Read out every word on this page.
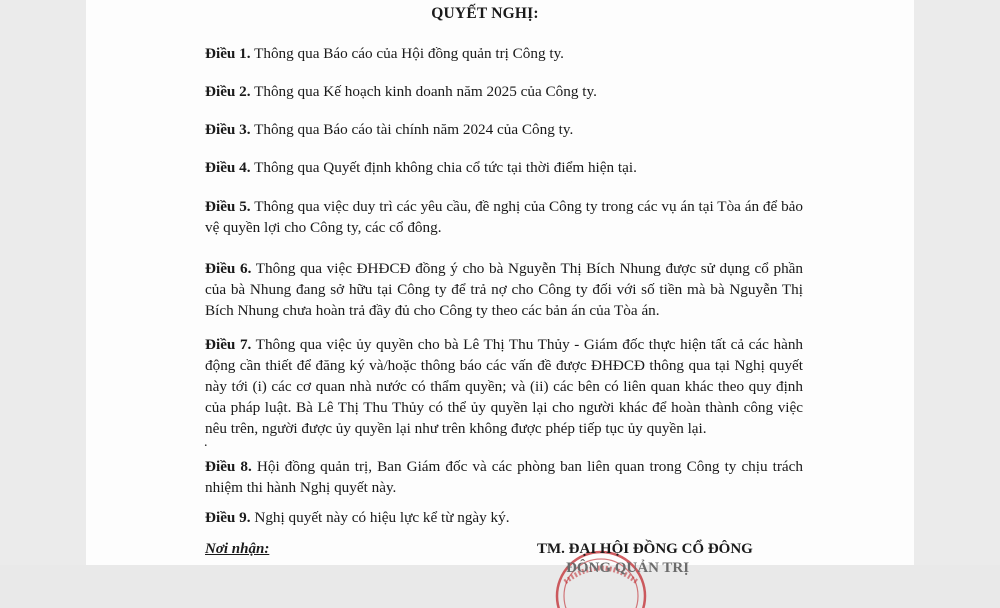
QUYẾT NGHỊ:

Điều 1. Thông qua Báo cáo của Hội đồng quản trị Công ty.

Điều 2. Thông qua Kế hoạch kinh doanh năm 2025 của Công ty.

Điều 3. Thông qua Báo cáo tài chính năm 2024 của Công ty.

Điều 4. Thông qua Quyết định không chia cổ tức tại thời điểm hiện tại.

Điều 5. Thông qua việc duy trì các yêu cầu, đề nghị của Công ty trong các vụ án tại Tòa án để bảo vệ quyền lợi cho Công ty, các cổ đông.

Điều 6. Thông qua việc ĐHĐCĐ đồng ý cho bà Nguyễn Thị Bích Nhung được sử dụng cổ phần của bà Nhung đang sở hữu tại Công ty để trả nợ cho Công ty đối với số tiền mà bà Nguyễn Thị Bích Nhung chưa hoàn trả đầy đủ cho Công ty theo các bản án của Tòa án.

Điều 7. Thông qua việc ủy quyền cho bà Lê Thị Thu Thủy - Giám đốc thực hiện tất cả các hành động cần thiết để đăng ký và/hoặc thông báo các vấn đề được ĐHĐCĐ thông qua tại Nghị quyết này tới (i) các cơ quan nhà nước có thẩm quyền; và (ii) các bên có liên quan khác theo quy định của pháp luật. Bà Lê Thị Thu Thủy có thể ủy quyền lại cho người khác để hoàn thành công việc nêu trên, người được ủy quyền lại như trên không được phép tiếp tục ủy quyền lại.

.

Điều 8. Hội đồng quản trị, Ban Giám đốc và các phòng ban liên quan trong Công ty chịu trách nhiệm thi hành Nghị quyết này.

Điều 9. Nghị quyết này có hiệu lực kể từ ngày ký.

Nơi nhận:	TM. ĐẠI HỘI ĐỒNG CỔ ĐÔNG
ĐÔNG QUẢN TRỊ
